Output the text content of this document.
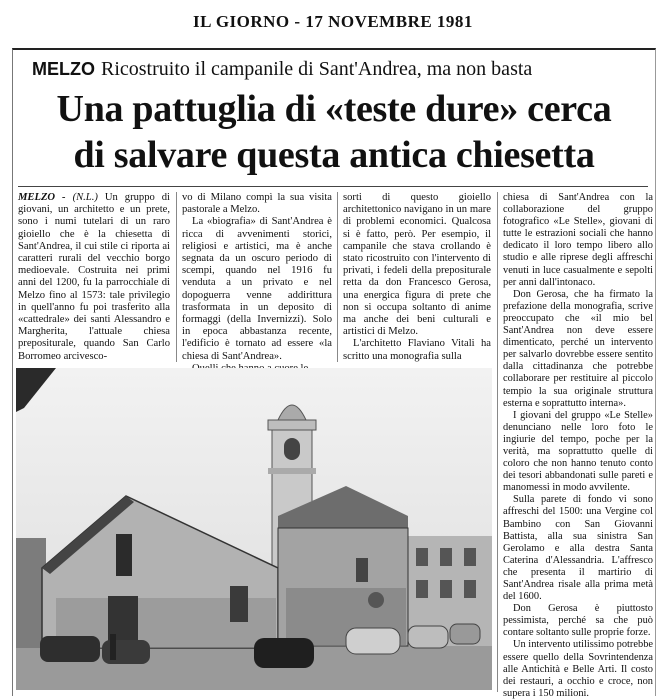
IL GIORNO - 17 NOVEMBRE 1981
MELZO Ricostruito il campanile di Sant'Andrea, ma non basta
Una pattuglia di «teste dure» cerca
di salvare questa antica chiesetta

MELZO - (N.L.) Un gruppo di giovani, un architetto e un prete, sono i numi tutelari di un raro gioiello che è la chiesetta di Sant'Andrea, il cui stile ci riporta ai caratteri rurali del vecchio borgo medioevale. Costruita nei primi anni del 1200, fu la parrocchiale di Melzo fino al 1573: tale privilegio in quell'anno fu poi trasferito alla «cattedrale» dei santi Alessandro e Margherita, l'attuale chiesa prepositurale, quando San Carlo Borromeo arcivesco-

vo di Milano compì la sua visita pastorale a Melzo.

La «biografia» di Sant'Andrea è ricca di avvenimenti storici, religiosi e artistici, ma è anche segnata da un oscuro periodo di scempi, quando nel 1916 fu venduta a un privato e nel dopoguerra venne addirittura trasformata in un deposito di formaggi (della Invernizzi). Solo in epoca abbastanza recente, l'edificio è tornato ad essere «la chiesa di Sant'Andrea».

sorti di questo gioiello architettonico navigano in un mare di problemi economici. Qualcosa si è fatto, però. Per esempio, il campanile che stava crollando è stato ricostruito con l'intervento di privati, i fedeli della prepositurale retta da don Francesco Gerosa, una energica figura di prete che non si occupa soltanto di anime ma anche dei beni culturali e artistici di Melzo.

L'architetto Flaviano Vitali ha scritto una monografia sulla

chiesa di Sant'Andrea con la collaborazione del gruppo fotografico «Le Stelle», giovani di tutte le estrazioni sociali che hanno dedicato il loro tempo libero allo studio e alle riprese degli affreschi venuti in luce casualmente e sepolti per anni dall'intonaco.

Don Gerosa, che ha firmato la prefazione della monografia, scrive preoccupato che «il mio bel Sant'Andrea non deve essere dimenticato, perché un intervento per salvarlo dovrebbe essere sentito dalla cittadinanza che potrebbe collaborare per restituire al piccolo tempio la sua originale struttura esterna e soprattutto interna».

I giovani del gruppo «Le Stelle» denunciano nelle loro foto le ingiurie del tempo, poche per la verità, ma soprattutto quelle di coloro che non hanno tenuto conto dei tesori abbandonati sulle pareti e manomessi in modo avvilente.

Sulla parete di fondo vi sono affreschi del 1500: una Vergine col Bambino con San Giovanni Battista, alla sua sinistra San Gerolamo e alla destra Santa Caterina d'Alessandria. L'affresco che presenta il martirio di Sant'Andrea risale alla prima metà del 1600.

Don Gerosa è piuttosto pessimista, perché sa che può contare soltanto sulle proprie forze.

Un intervento utilissimo potrebbe essere quello della Sovrintendenza alle Antichità e Belle Arti. Il costo dei restauri, a occhio e croce, non supera i 150 milioni.
